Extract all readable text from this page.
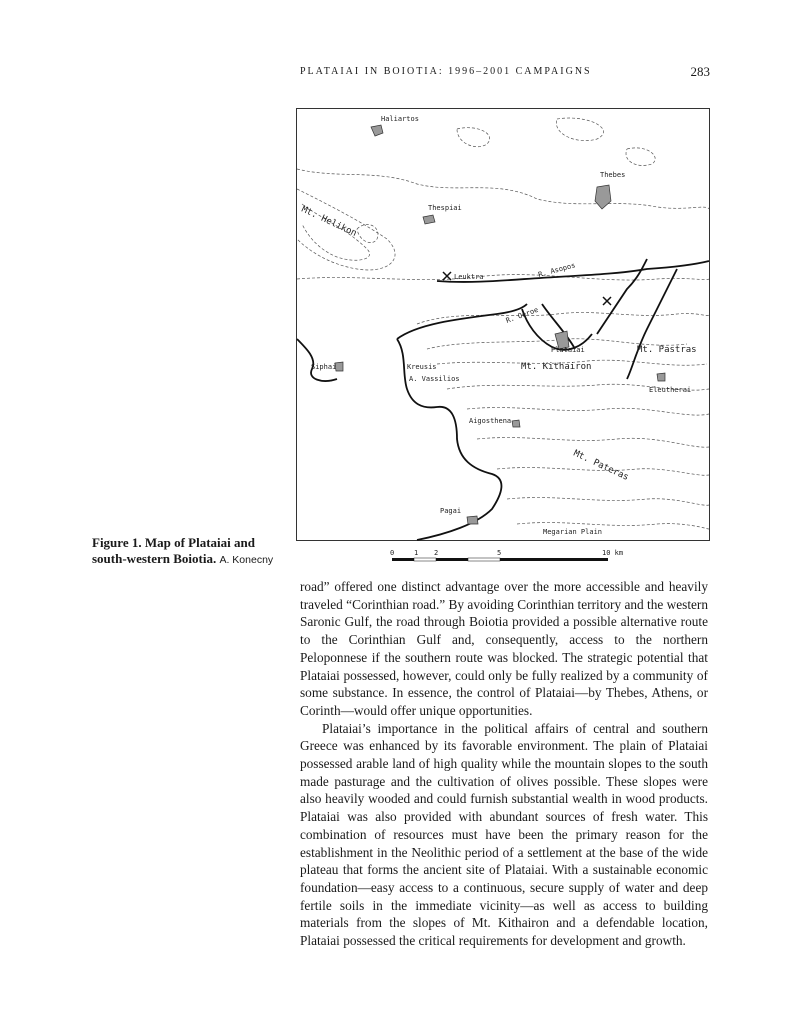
PLATAIAI IN BOIOTIA: 1996–2001 CAMPAIGNS	283
Haliartos
Thebes
Thespiai
Mt. Helikon
Leuktra	R. Asopos
R. Oeroe
Plataiai	Mt. Pastras
Siphai	Kreusis
A. Vassilios
Mt. Kithairon
Eleutherai
Aigosthena
Mt. Pateras
Pagai
Megarian Plain
0	1 2	5	10 km
Figure 1. Map of Plataiai and south-western Boiotia. A. Konecny

road” offered one distinct advantage over the more accessible and heavily traveled “Corinthian road.” By avoiding Corinthian territory and the western Saronic Gulf, the road through Boiotia provided a possible alternative route to the Corinthian Gulf and, consequently, access to the northern Peloponnese if the southern route was blocked. The strategic potential that Plataiai possessed, however, could only be fully realized by a community of some substance. In essence, the control of Plataiai—by Thebes, Athens, or Corinth—would offer unique opportunities.

Plataiai’s importance in the political affairs of central and southern Greece was enhanced by its favorable environment. The plain of Plataiai possessed arable land of high quality while the mountain slopes to the south made pasturage and the cultivation of olives possible. These slopes were also heavily wooded and could furnish substantial wealth in wood products. Plataiai was also provided with abundant sources of fresh water. This combination of resources must have been the primary reason for the establishment in the Neolithic period of a settlement at the base of the wide plateau that forms the ancient site of Plataiai. With a sustainable economic foundation—easy access to a continuous, secure supply of water and deep fertile soils in the immediate vicinity—as well as access to building materials from the slopes of Mt. Kithairon and a defendable location, Plataiai possessed the critical requirements for development and growth.
